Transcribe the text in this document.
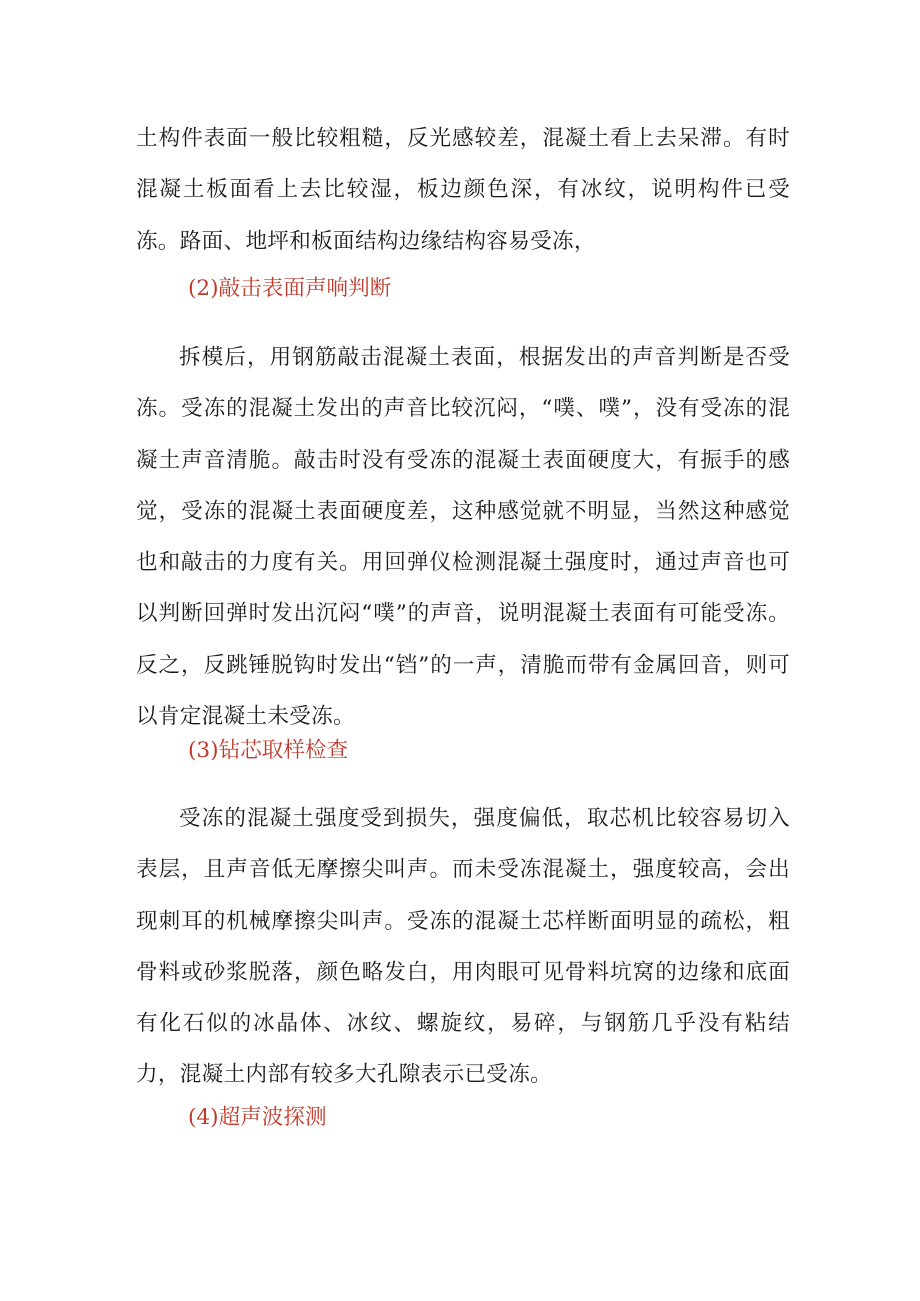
土构件表面一般比较粗糙，反光感较差，混凝土看上去呆滞。有时混凝土板面看上去比较湿，板边颜色深，有冰纹，说明构件已受冻。路面、地坪和板面结构边缘结构容易受冻，

(2)敲击表面声响判断

拆模后，用钢筋敲击混凝土表面，根据发出的声音判断是否受冻。受冻的混凝土发出的声音比较沉闷，“噗、噗”，没有受冻的混凝土声音清脆。敲击时没有受冻的混凝土表面硬度大，有振手的感觉，受冻的混凝土表面硬度差，这种感觉就不明显，当然这种感觉也和敲击的力度有关。用回弹仪检测混凝土强度时，通过声音也可以判断回弹时发出沉闷“噗”的声音，说明混凝土表面有可能受冻。反之，反跳锤脱钩时发出“铛”的一声，清脆而带有金属回音，则可以肯定混凝土未受冻。

(3)钻芯取样检查

受冻的混凝土强度受到损失，强度偏低，取芯机比较容易切入表层，且声音低无摩擦尖叫声。而未受冻混凝土，强度较高，会出现刺耳的机械摩擦尖叫声。受冻的混凝土芯样断面明显的疏松，粗骨料或砂浆脱落，颜色略发白，用肉眼可见骨料坑窝的边缘和底面有化石似的冰晶体、冰纹、螺旋纹，易碎，与钢筋几乎没有粘结力，混凝土内部有较多大孔隙表示已受冻。

(4)超声波探测
